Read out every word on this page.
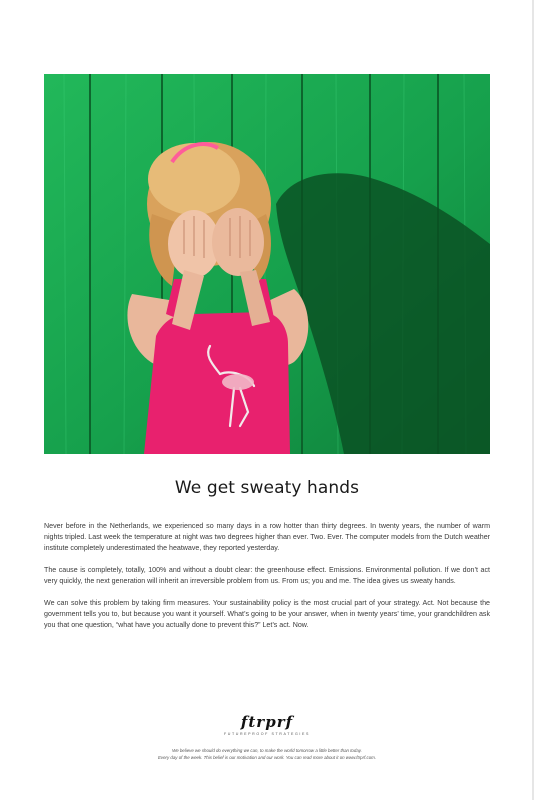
We get sweaty hands

Never before in the Netherlands, we experienced so many days in a row hotter than thirty degrees. In twenty years, the number of warm nights tripled. Last week the temperature at night was two degrees higher than ever. Two. Ever. The computer models from the Dutch weather institute completely underestimated the heatwave, they reported yesterday.

The cause is completely, totally, 100% and without a doubt clear: the greenhouse effect. Emissions. Environmental pollution. If we don’t act very quickly, the next generation will inherit an irreversible problem from us. From us; you and me. The idea gives us sweaty hands.

We can solve this problem by taking firm measures. Your sustainability policy is the most crucial part of your strategy. Act. Not because the government tells you to, but because you want it yourself. What’s going to be your answer, when in twenty years’ time, your grandchildren ask you that one question, “what have you actually done to prevent this?” Let’s act. Now.

ftrprf
FUTUREPROOF STRATEGIES
We believe we should do everything we can, to make the world tomorrow a little better than today.
Every day of the week. This belief is our motivation and our work. You can read more about it on www.ftrprf.com.
